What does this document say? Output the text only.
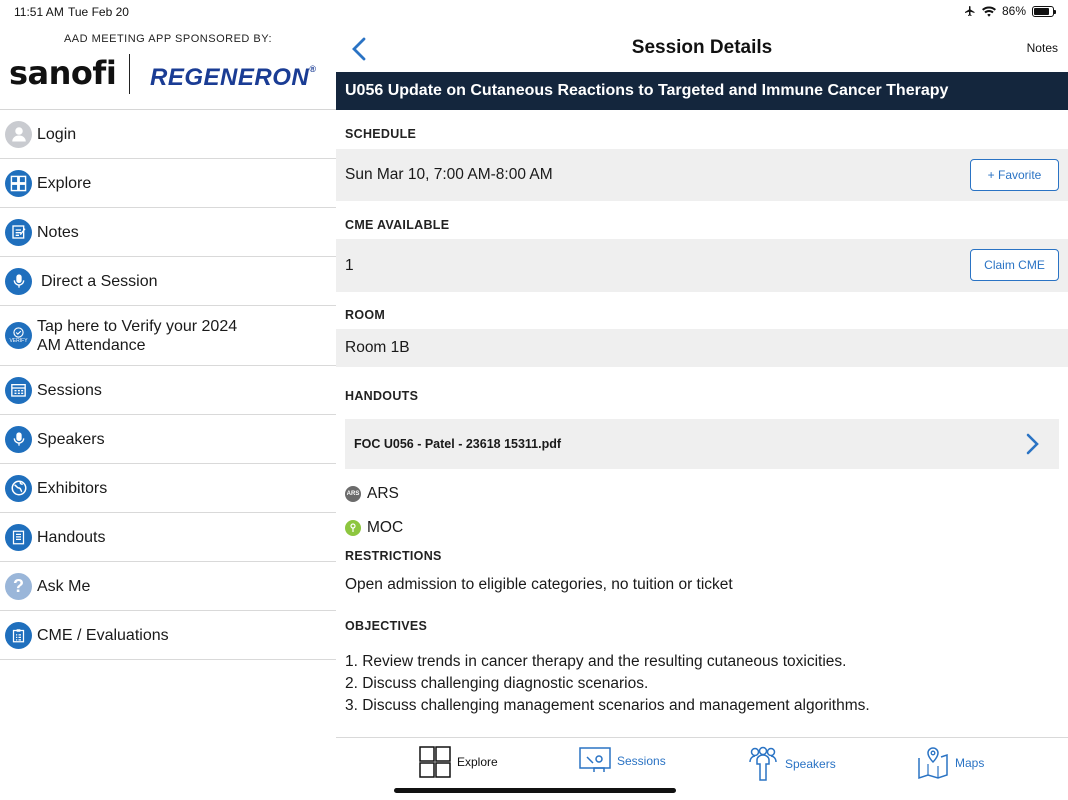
11:51 AM Tue Feb 20	86%
AAD MEETING APP SPONSORED BY:
sanofi REGENERON®
Login
Explore
Notes
Direct a Session
VERIFY
Tap here to Verify your 2024
AM Attendance
Sessions
Speakers
Exhibitors
Handouts
? Ask Me
CME / Evaluations
Session Details	Notes
U056 Update on Cutaneous Reactions to Targeted and Immune Cancer Therapy
SCHEDULE
Sun Mar 10, 7:00 AM-8:00 AM	+ Favorite
CME AVAILABLE
1	Claim CME
ROOM
Room 1B
HANDOUTS
FOC U056 - Patel - 23618 15311.pdf
ARS ARS
MOC
RESTRICTIONS
Open admission to eligible categories, no tuition or ticket
OBJECTIVES
1. Review trends in cancer therapy and the resulting cutaneous toxicities.
2. Discuss challenging diagnostic scenarios.
3. Discuss challenging management scenarios and management algorithms.
Explore	Sessions	Speakers	Maps
